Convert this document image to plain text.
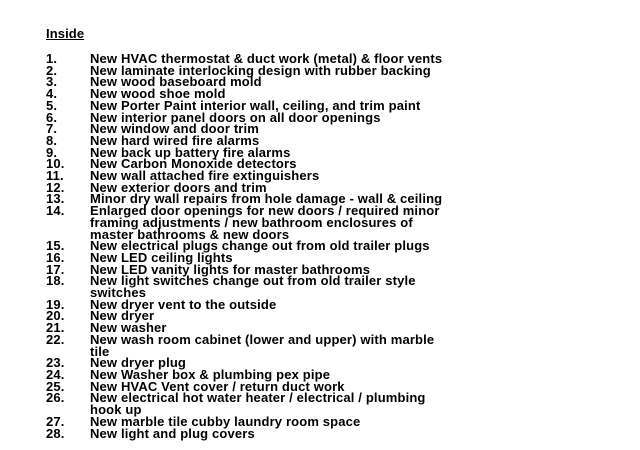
Inside
1.	New HVAC thermostat & duct work (metal) & floor vents
2.	New laminate interlocking design with rubber backing
3.	New wood baseboard mold
4.	New wood shoe mold
5.	New Porter Paint interior wall, ceiling, and trim paint
6.	New interior panel doors on all door openings
7.	New window and door trim
8.	New hard wired fire alarms
9.	New back up battery fire alarms
10.	New Carbon Monoxide detectors
11.	New wall attached fire extinguishers
12.	New exterior doors and trim
13.	Minor dry wall repairs from hole damage - wall & ceiling
14.	Enlarged door openings for new doors / required minor
framing adjustments / new bathroom enclosures of
master bathrooms & new doors
15.	New electrical plugs change out from old trailer plugs
16.	New LED ceiling lights
17.	New LED vanity lights for master bathrooms
18.	New light switches change out from old trailer style
switches
19.	New dryer vent to the outside
20.	New dryer
21.	New washer
22.	New wash room cabinet (lower and upper) with marble
tile
23.	New dryer plug
24.	New Washer box & plumbing pex pipe
25.	New HVAC Vent cover / return duct work
26.	New electrical hot water heater / electrical / plumbing
hook up
27.	New marble tile cubby laundry room space
28.	New light and plug covers
